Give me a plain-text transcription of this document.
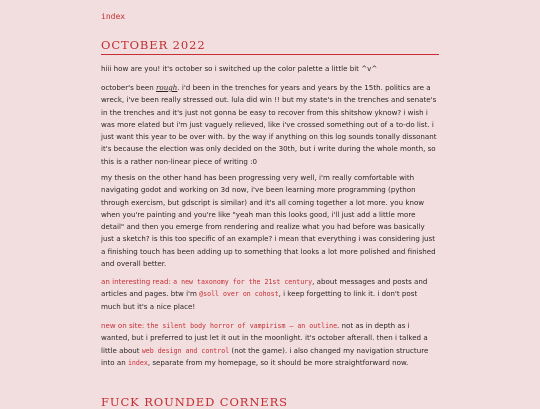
index
OCTOBER 2022

hiii how are you! it's october so i switched up the color palette a little bit ^v^

october's been rough. i'd been in the trenches for years and years by the 15th. politics are a wreck, i've been really stressed out. lula did win !! but my state's in the trenches and senate's in the trenches and it's just not gonna be easy to recover from this shitshow yknow? i wish i was more elated but i'm just vaguely relieved, like i've crossed something out of a to-do list. i just want this year to be over with. by the way if anything on this log sounds tonally dissonant it's because the election was only decided on the 30th, but i write during the whole month, so this is a rather non-linear piece of writing :0

my thesis on the other hand has been progressing very well, i'm really comfortable with navigating godot and working on 3d now, i've been learning more programming (python through exercism, but gdscript is similar) and it's all coming together a lot more. you know when you're painting and you're like "yeah man this looks good, i'll just add a little more detail" and then you emerge from rendering and realize what you had before was basically just a sketch? is this too specific of an example? i mean that everything i was considering just a finishing touch has been adding up to something that looks a lot more polished and finished and overall better.

an interesting read: a new taxonomy for the 21st century, about messages and posts and articles and pages. btw i'm @soll over on cohost, i keep forgetting to link it. i don't post much but it's a nice place!

new on site: the silent body horror of vampirism — an outline. not as in depth as i wanted, but i preferred to just let it out in the moonlight. it's october afterall. then i talked a little about web design and control (not the game). i also changed my navigation structure into an index, separate from my homepage, so it should be more straightforward now.

FUCK ROUNDED CORNERS
